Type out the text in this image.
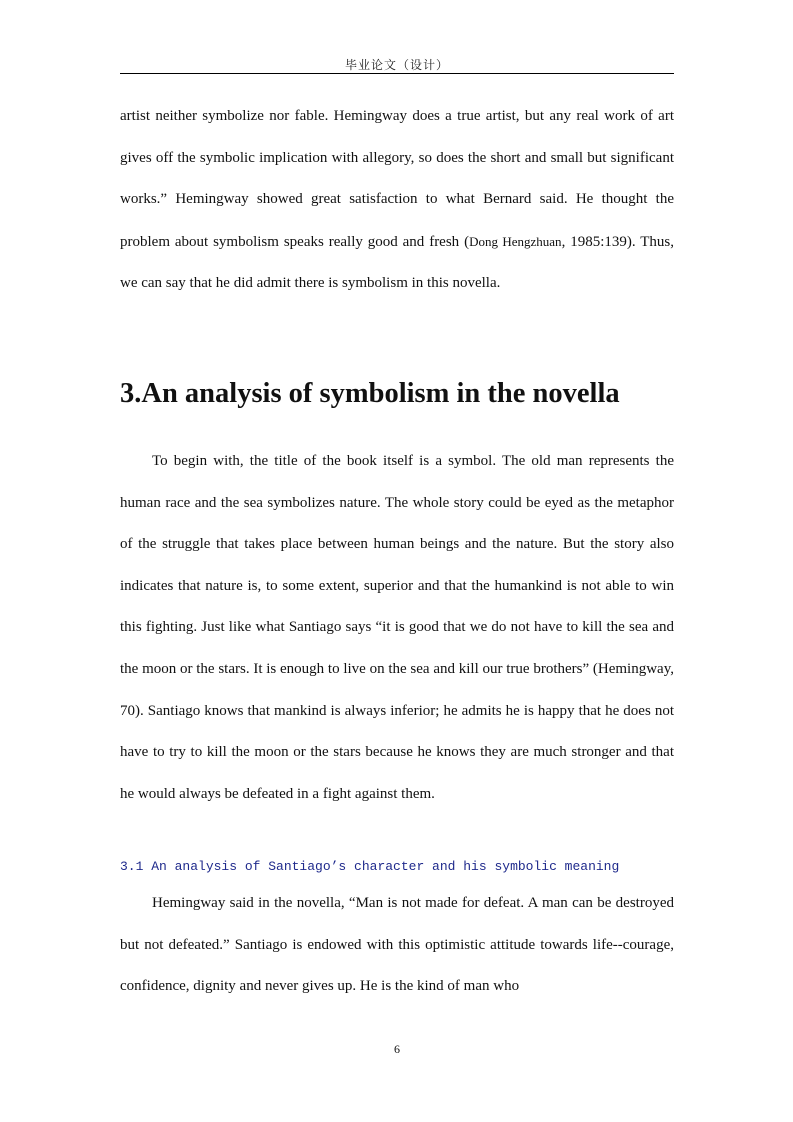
毕业论文（设计）

artist neither symbolize nor fable. Hemingway does a true artist, but any real work of art gives off the symbolic implication with allegory, so does the short and small but significant works.” Hemingway showed great satisfaction to what Bernard said. He thought the problem about symbolism speaks really good and fresh (Dong Hengzhuan, 1985:139). Thus, we can say that he did admit there is symbolism in this novella.

3.An analysis of symbolism in the novella

To begin with, the title of the book itself is a symbol. The old man represents the human race and the sea symbolizes nature. The whole story could be eyed as the metaphor of the struggle that takes place between human beings and the nature. But the story also indicates that nature is, to some extent, superior and that the humankind is not able to win this fighting. Just like what Santiago says “it is good that we do not have to kill the sea and the moon or the stars. It is enough to live on the sea and kill our true brothers” (Hemingway, 70). Santiago knows that mankind is always inferior; he admits he is happy that he does not have to try to kill the moon or the stars because he knows they are much stronger and that he would always be defeated in a fight against them.

3.1 An analysis of Santiago’s character and his symbolic meaning

Hemingway said in the novella, “Man is not made for defeat. A man can be destroyed but not defeated.” Santiago is endowed with this optimistic attitude towards life--courage, confidence, dignity and never gives up. He is the kind of man who

6
